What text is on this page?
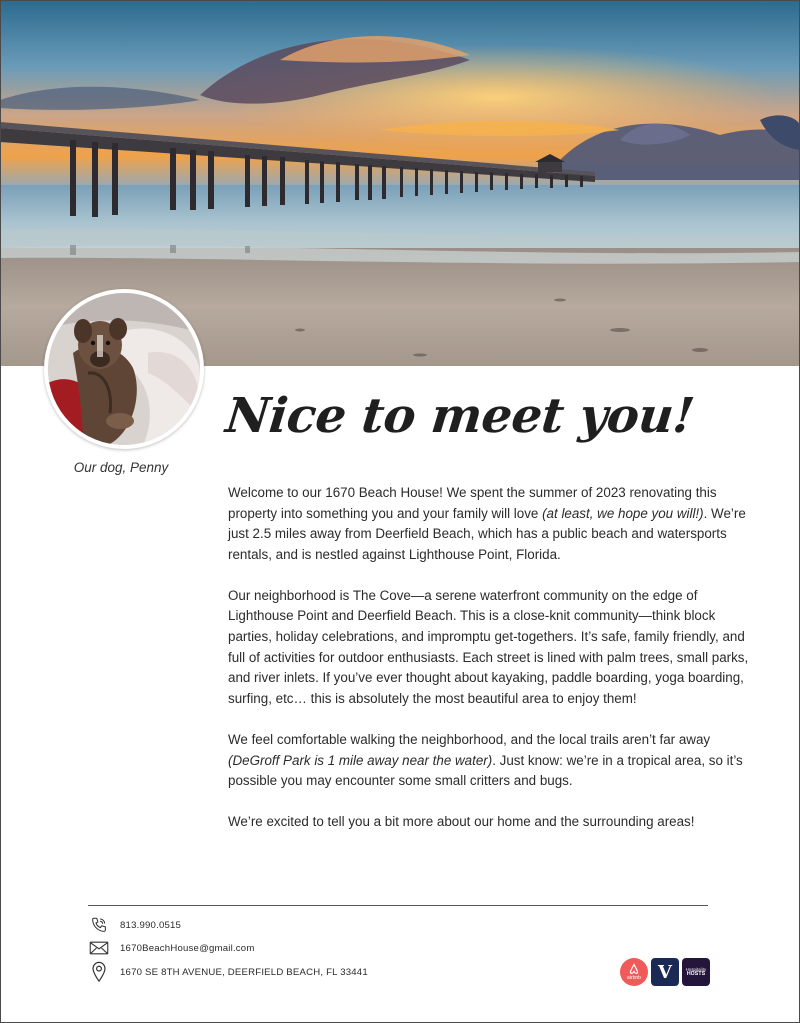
Our dog, Penny
Nice to meet you!

Welcome to our 1670 Beach House! We spent the summer of 2023 renovating this property into something you and your family will love (at least, we hope you will!). We’re just 2.5 miles away from Deerfield Beach, which has a public beach and watersports rentals, and is nestled against Lighthouse Point, Florida.

Our neighborhood is The Cove—a serene waterfront community on the edge of Lighthouse Point and Deerfield Beach. This is a close-knit community—think block parties, holiday celebrations, and impromptu get-togethers. It’s safe, family friendly, and full of activities for outdoor enthusiasts. Each street is lined with palm trees, small parks, and river inlets. If you’ve ever thought about kayaking, paddle boarding, yoga boarding, surfing, etc… this is absolutely the most beautiful area to enjoy them!

We feel comfortable walking the neighborhood, and the local trails aren’t far away (DeGroff Park is 1 mile away near the water). Just know: we’re in a tropical area, so it’s possible you may encounter some small critters and bugs.

We’re excited to tell you a bit more about our home and the surrounding areas!

813.990.0515
1670BeachHouse@gmail.com
1670 SE 8TH AVENUE, DEERFIELD BEACH, FL 33441
airbnb V	Hospitality
HOSTS
